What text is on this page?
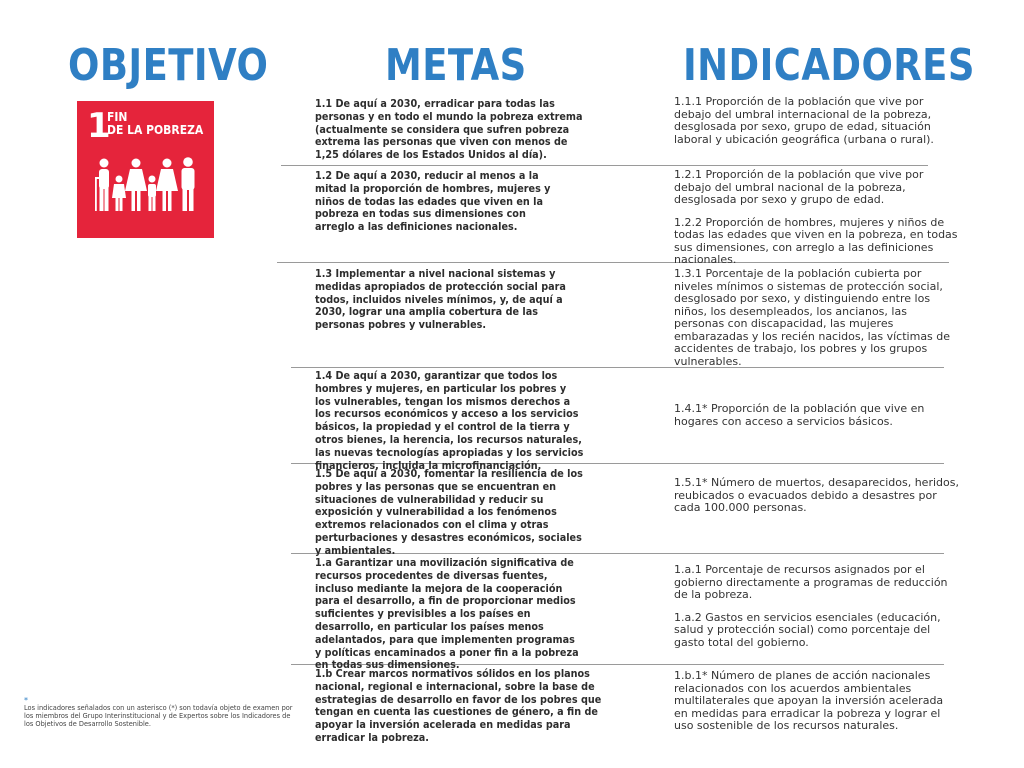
OBJETIVO	METAS	INDICADORES
1
FIN
DE LA POBREZA

1.1 De aquí a 2030, erradicar para todas las personas y en todo el mundo la pobreza extrema (actualmente se considera que sufren pobreza extrema las personas que viven con menos de 1,25 dólares de los Estados Unidos al día).

1.2 De aquí a 2030, reducir al menos a la mitad la proporción de hombres, mujeres y niños de todas las edades que viven en la pobreza en todas sus dimensiones con arreglo a las definiciones nacionales.

1.3 Implementar a nivel nacional sistemas y medidas apropiados de protección social para todos, incluidos niveles mínimos, y, de aquí a 2030, lograr una amplia cobertura de las personas pobres y vulnerables.

1.4 De aquí a 2030, garantizar que todos los hombres y mujeres, en particular los pobres y los vulnerables, tengan los mismos derechos a los recursos económicos y acceso a los servicios básicos, la propiedad y el control de la tierra y otros bienes, la herencia, los recursos naturales, las nuevas tecnologías apropiadas y los servicios financieros, incluida la microfinanciación.

1.5 De aquí a 2030, fomentar la resiliencia de los pobres y las personas que se encuentran en situaciones de vulnerabilidad y reducir su exposición y vulnerabilidad a los fenómenos extremos relacionados con el clima y otras perturbaciones y desastres económicos, sociales y ambientales.

1.a Garantizar una movilización significativa de recursos procedentes de diversas fuentes, incluso mediante la mejora de la cooperación para el desarrollo, a fin de proporcionar medios suficientes y previsibles a los países en desarrollo, en particular los países menos adelantados, para que implementen programas y políticas encaminados a poner fin a la pobreza en todas sus dimensiones.

1.b Crear marcos normativos sólidos en los planos nacional, regional e internacional, sobre la base de estrategias de desarrollo en favor de los pobres que tengan en cuenta las cuestiones de género, a fin de apoyar la inversión acelerada en medidas para erradicar la pobreza.

1.1.1 Proporción de la población que vive por debajo del umbral internacional de la pobreza, desglosada por sexo, grupo de edad, situación laboral y ubicación geográfica (urbana o rural).

1.2.1 Proporción de la población que vive por debajo del umbral nacional de la pobreza, desglosada por sexo y grupo de edad.

1.2.2 Proporción de hombres, mujeres y niños de todas las edades que viven en la pobreza, en todas sus dimensiones, con arreglo a las definiciones nacionales.

1.3.1 Porcentaje de la población cubierta por niveles mínimos o sistemas de protección social, desglosado por sexo, y distinguiendo entre los niños, los desempleados, los ancianos, las personas con discapacidad, las mujeres embarazadas y los recién nacidos, las víctimas de accidentes de trabajo, los pobres y los grupos vulnerables.

1.4.1* Proporción de la población que vive en hogares con acceso a servicios básicos.

1.5.1* Número de muertos, desaparecidos, heridos, reubicados o evacuados debido a desastres por cada 100.000 personas.

1.a.1 Porcentaje de recursos asignados por el gobierno directamente a programas de reducción de la pobreza.

1.a.2 Gastos en servicios esenciales (educación, salud y protección social) como porcentaje del gasto total del gobierno.

1.b.1* Número de planes de acción nacionales relacionados con los acuerdos ambientales multilaterales que apoyan la inversión acelerada en medidas para erradicar la pobreza y lograr el uso sostenible de los recursos naturales.

*
Los indicadores señalados con un asterisco (*) son todavía objeto de examen por los miembros del Grupo Interinstitucional y de Expertos sobre los Indicadores de los Objetivos de Desarrollo Sostenible.
